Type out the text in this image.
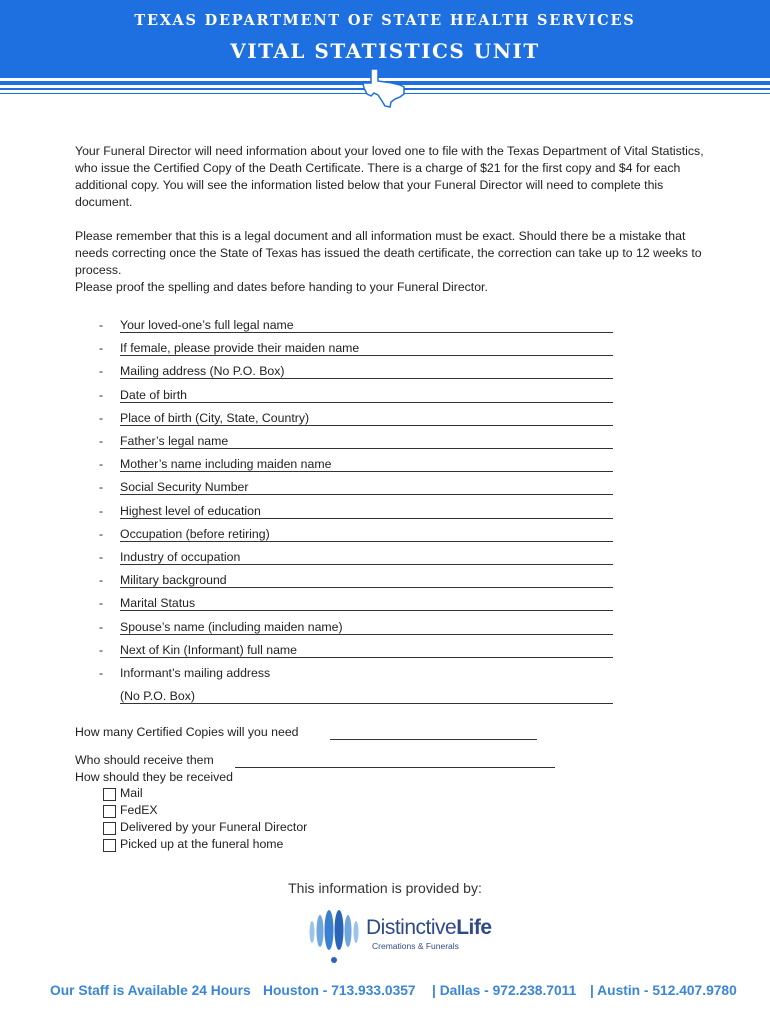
TEXAS DEPARTMENT OF STATE HEALTH SERVICES
VITAL STATISTICS UNIT

Your Funeral Director will need information about your loved one to file with the Texas Department of Vital Statistics, who issue the Certified Copy of the Death Certificate. There is a charge of $21 for the first copy and $4 for each additional copy. You will see the information listed below that your Funeral Director will need to complete this document.

Please remember that this is a legal document and all information must be exact. Should there be a mistake that needs correcting once the State of Texas has issued the death certificate, the correction can take up to 12 weeks to process.
Please proof the spelling and dates before handing to your Funeral Director.
- Your loved-one’s full legal name
- If female, please provide their maiden name
- Mailing address (No P.O. Box)
- Date of birth
- Place of birth (City, State, Country)
- Father’s legal name
- Mother’s name including maiden name
- Social Security Number
- Highest level of education
- Occupation (before retiring)
- Industry of occupation
- Military background
- Marital Status
- Spouse’s name (including maiden name)
- Next of Kin (Informant) full name
- Informant’s mailing address
(No P.O. Box)
How many Certified Copies will you need
Who should receive them
How should they be received
Mail
FedEX
Delivered by your Funeral Director
Picked up at the funeral home
This information is provided by:
DistinctiveLife
Cremations & Funerals
Our Staff is Available 24 Hours Houston - 713.933.0357 | Dallas - 972.238.7011 | Austin - 512.407.9780
